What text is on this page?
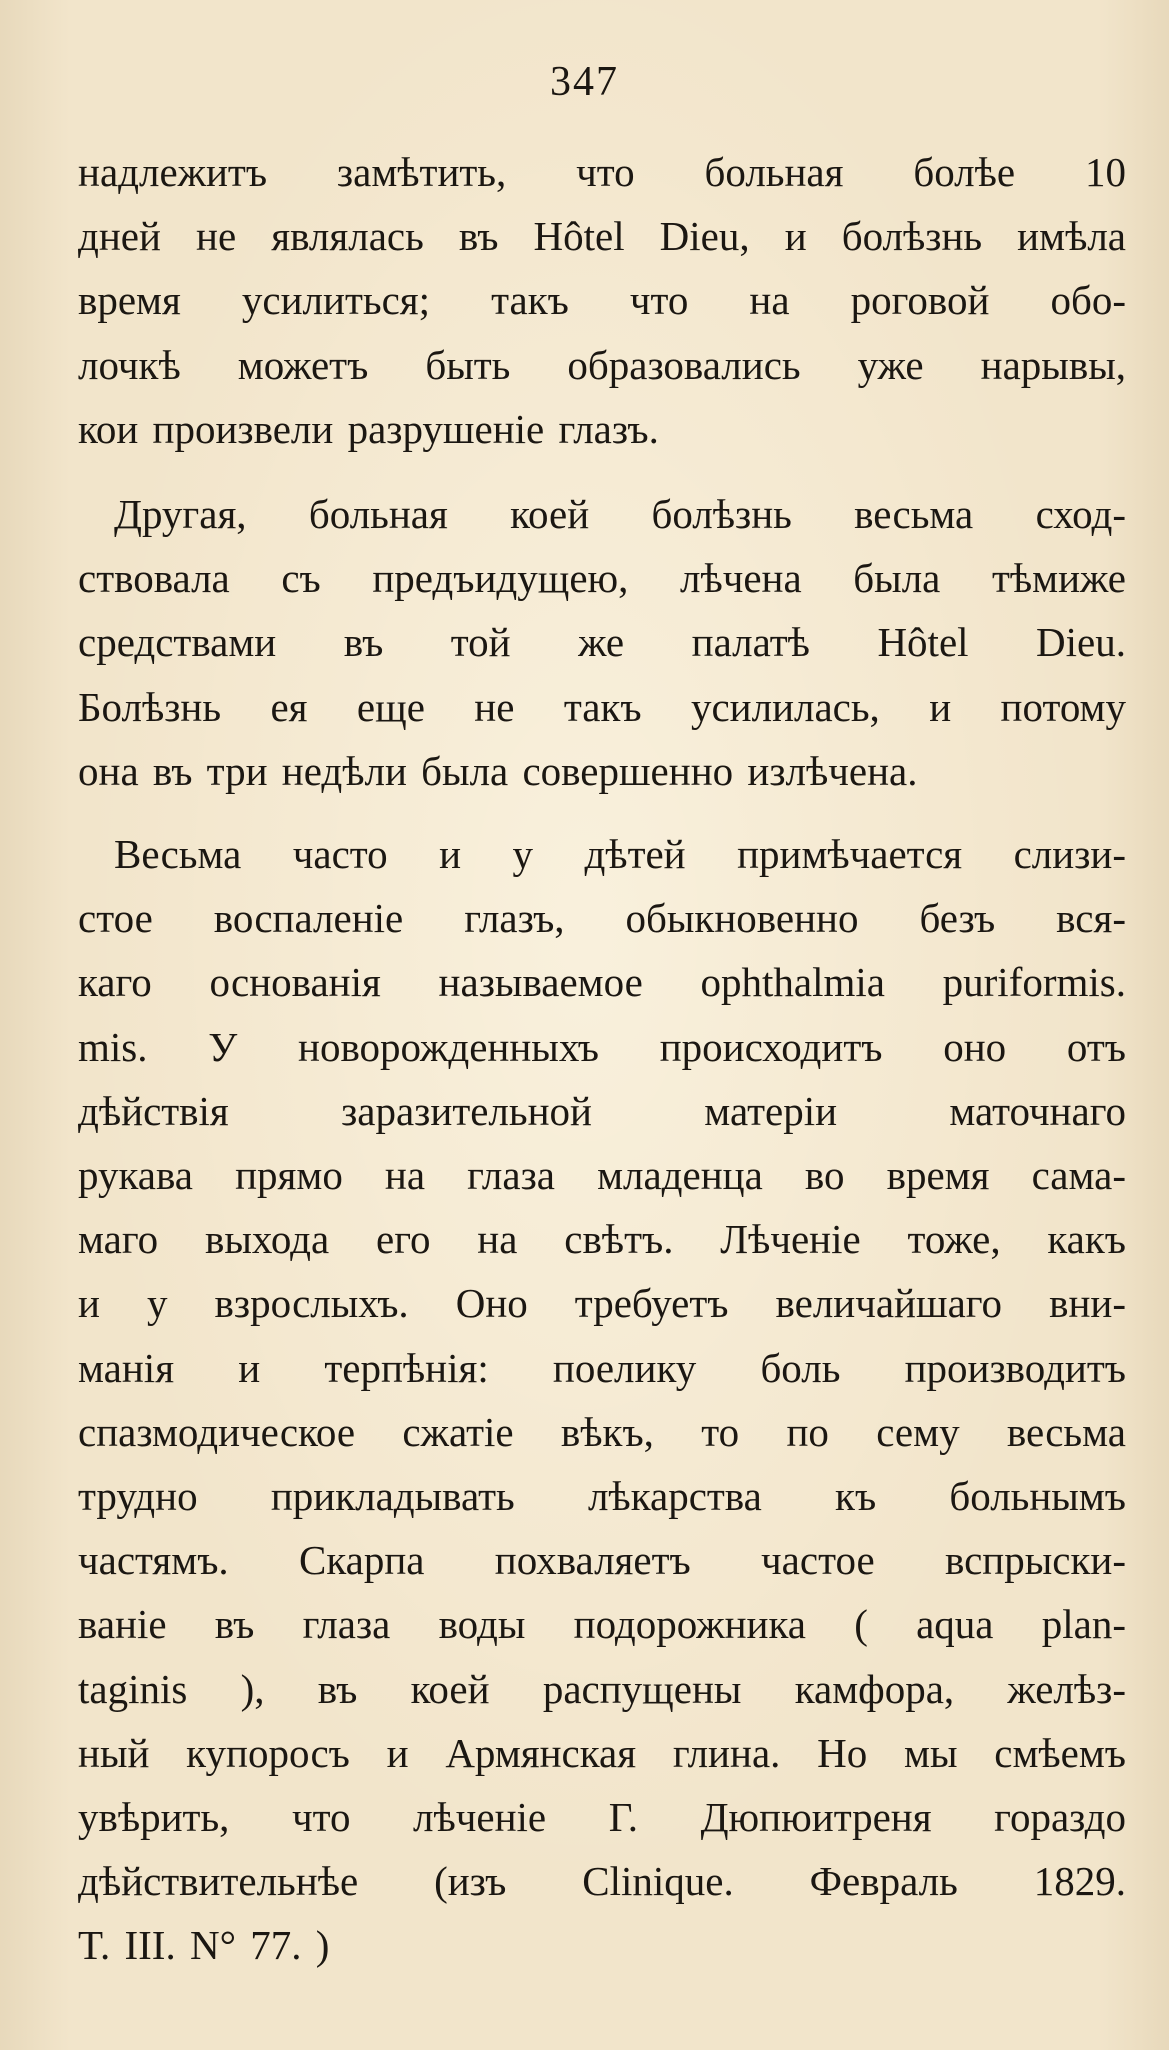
347
надлежитъ замѣтить, что больная болѣе 10
дней не являлась въ Hôtel Dieu, и болѣзнь имѣла
время усилиться; такъ что на роговой обо-
лочкѣ можетъ быть образовались уже нарывы,
кои произвели разрушеніе глазъ.
Другая, больная коей болѣзнь весьма сход-
ствовала съ предъидущею, лѣчена была тѣмиже
средствами въ той же палатѣ Hôtel Dieu.
Болѣзнь ея еще не такъ усилилась, и потому
она въ три недѣли была совершенно излѣчена.
Весьма часто и у дѣтей примѣчается слизи-
стое воспаленіе глазъ, обыкновенно безъ вся-
каго основанія называемое ophthalmia puriformis.
mis. У новорожденныхъ происходитъ оно отъ
дѣйствія заразительной матеріи маточнаго
рукава прямо на глаза младенца во время сама-
маго выхода его на свѣтъ. Лѣченіе тоже, какъ
и у взрослыхъ. Оно требуетъ величайшаго вни-
манія и терпѣнія: поелику боль производитъ
спазмодическое сжатіе вѣкъ, то по сему весьма
трудно прикладывать лѣкарства къ больнымъ
частямъ. Скарпа похваляетъ частое вспрыски-
ваніе въ глаза воды подорожника ( aqua plan-
taginis ), въ коей распущены камфора, желѣз-
ный купоросъ и Армянская глина. Но мы смѣемъ
увѣрить, что лѣченіе Г. Дюпюитреня гораздо
дѣйствительнѣе (изъ Clinique. Февраль 1829.
T. III. N° 77. )
